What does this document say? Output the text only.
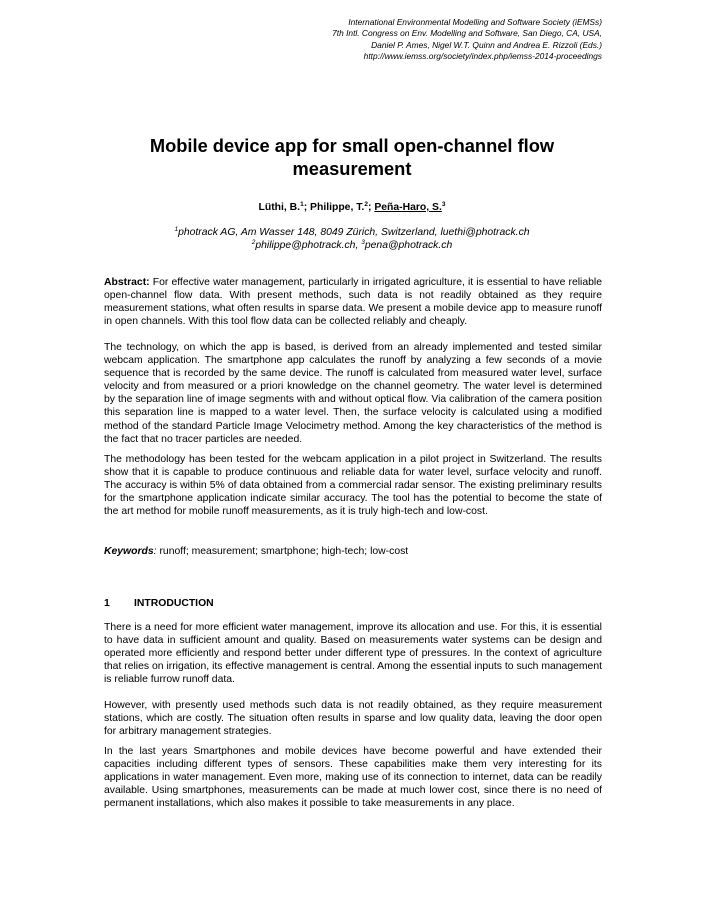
International Environmental Modelling and Software Society (iEMSs)
7th Intl. Congress on Env. Modelling and Software, San Diego, CA, USA,
Daniel P. Ames, Nigel W.T. Quinn and Andrea E. Rizzoli (Eds.)
http://www.iemss.org/society/index.php/iemss-2014-proceedings
Mobile device app for small open-channel flow measurement
Lüthi, B.$^1$; Philippe, T.$^2$; Peña-Haro, S.$^3$
$^1$photrack AG, Am Wasser 148, 8049 Zürich, Switzerland, luethi@photrack.ch
$^2$philippe@photrack.ch, $^3$pena@photrack.ch

Abstract: For effective water management, particularly in irrigated agriculture, it is essential to have reliable open-channel flow data. With present methods, such data is not readily obtained as they require measurement stations, what often results in sparse data. We present a mobile device app to measure runoff in open channels. With this tool flow data can be collected reliably and cheaply.

The technology, on which the app is based, is derived from an already implemented and tested similar webcam application. The smartphone app calculates the runoff by analyzing a few seconds of a movie sequence that is recorded by the same device. The runoff is calculated from measured water level, surface velocity and from measured or a priori knowledge on the channel geometry. The water level is determined by the separation line of image segments with and without optical flow. Via calibration of the camera position this separation line is mapped to a water level. Then, the surface velocity is calculated using a modified method of the standard Particle Image Velocimetry method. Among the key characteristics of the method is the fact that no tracer particles are needed.

The methodology has been tested for the webcam application in a pilot project in Switzerland. The results show that it is capable to produce continuous and reliable data for water level, surface velocity and runoff. The accuracy is within 5% of data obtained from a commercial radar sensor. The existing preliminary results for the smartphone application indicate similar accuracy. The tool has the potential to become the state of the art method for mobile runoff measurements, as it is truly high-tech and low-cost.

Keywords: runoff; measurement; smartphone; high-tech; low-cost

1 INTRODUCTION

There is a need for more efficient water management, improve its allocation and use. For this, it is essential to have data in sufficient amount and quality. Based on measurements water systems can be design and operated more efficiently and respond better under different type of pressures. In the context of agriculture that relies on irrigation, its effective management is central. Among the essential inputs to such management is reliable furrow runoff data.

However, with presently used methods such data is not readily obtained, as they require measurement stations, which are costly. The situation often results in sparse and low quality data, leaving the door open for arbitrary management strategies.

In the last years Smartphones and mobile devices have become powerful and have extended their capacities including different types of sensors. These capabilities make them very interesting for its applications in water management. Even more, making use of its connection to internet, data can be readily available. Using smartphones, measurements can be made at much lower cost, since there is no need of permanent installations, which also makes it possible to take measurements in any place.
